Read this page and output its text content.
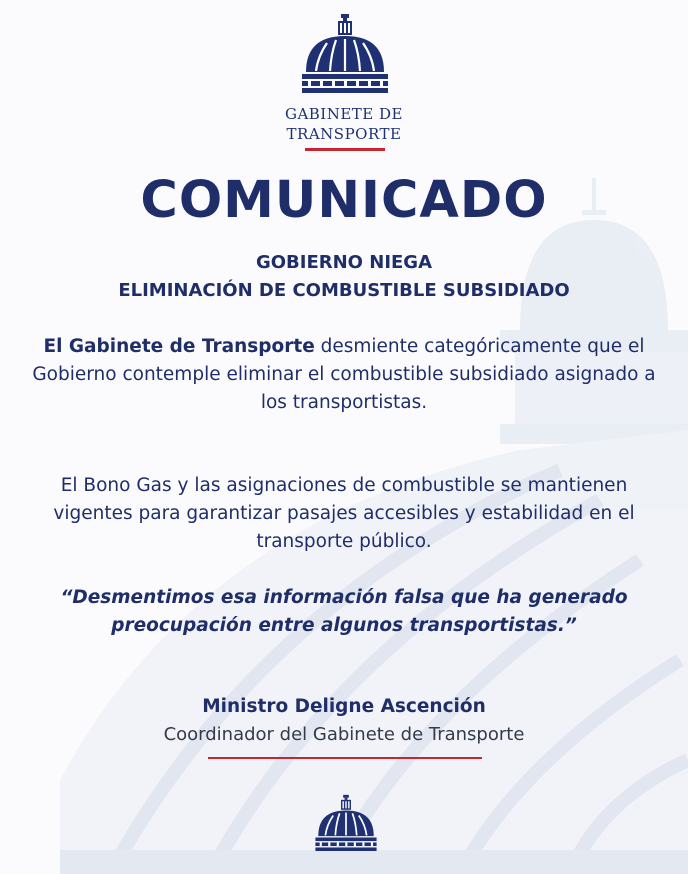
GABINETE DE
TRANSPORTE
COMUNICADO
GOBIERNO NIEGA
ELIMINACIÓN DE COMBUSTIBLE SUBSIDIADO
El Gabinete de Transporte desmiente categóricamente que el Gobierno contemple eliminar el combustible subsidiado asignado a los transportistas.
El Bono Gas y las asignaciones de combustible se mantienen vigentes para garantizar pasajes accesibles y estabilidad en el transporte público.
“Desmentimos esa información falsa que ha generado preocupación entre algunos transportistas.”
Ministro Deligne Ascención
Coordinador del Gabinete de Transporte
